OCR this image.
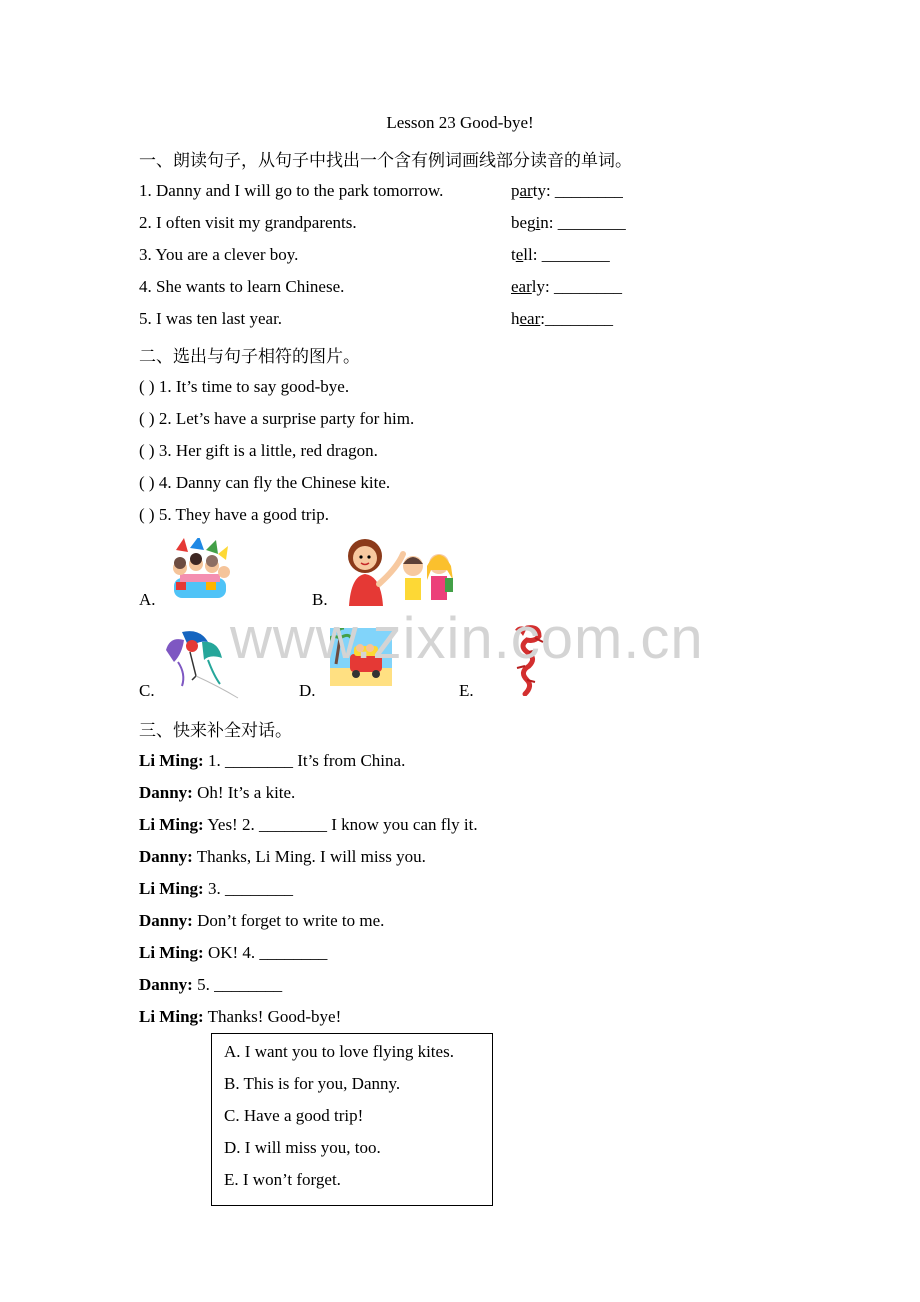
Lesson 23 Good-bye!
一、朗读句子，从句子中找出一个含有例词画线部分读音的单词。
1. Danny and I will go to the park tomorrow.	party: ________
2. I often visit my grandparents.	begin: ________
3. You are a clever boy.	tell: ________
4. She wants to learn Chinese.	early: ________
5. I was ten last year.	hear:________
二、选出与句子相符的图片。
( ) 1. It’s time to say good-bye.
( ) 2. Let’s have a surprise party for him.
( ) 3. Her gift is a little, red dragon.
( ) 4. Danny can fly the Chinese kite.
( ) 5. They have a good trip.
A.	B.
C.	D.	E.
www.zixin.com.cn
三、快来补全对话。
Li Ming: 1. ________ It’s from China.
Danny: Oh! It’s a kite.
Li Ming: Yes! 2. ________ I know you can fly it.
Danny: Thanks, Li Ming. I will miss you.
Li Ming: 3. ________
Danny: Don’t forget to write to me.
Li Ming: OK! 4. ________
Danny: 5. ________
Li Ming: Thanks! Good-bye!
A. I want you to love flying kites.
B. This is for you, Danny.
C. Have a good trip!
D. I will miss you, too.
E. I won’t forget.
